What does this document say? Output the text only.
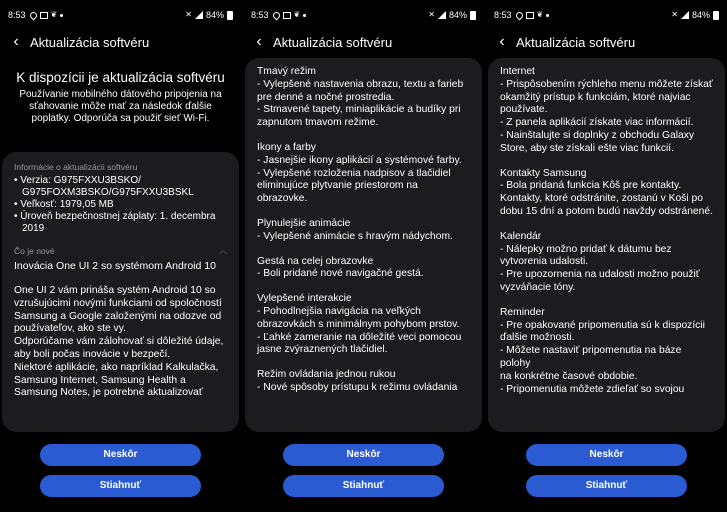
8:53	❦	✕ 84%
‹ Aktualizácia softvéru
K dispozícii je aktualizácia softvéru

Používanie mobilného dátového pripojenia na sťahovanie môže mať za následok ďalšie poplatky. Odporúča sa použiť sieť Wi-Fi.

Informácie o aktualizácii softvéru
• Verzia: G975FXXU3BSKO/
G975FOXM3BSKO/G975FXXU3BSKL
• Veľkosť: 1979,05 MB
• Úroveň bezpečnostnej záplaty: 1. decembra
2019
Čo je nové	︿
Inovácia One UI 2 so systémom Android 10
One UI 2 vám prináša systém Android 10 so
vzrušujúcimi novými funkciami od spoločností
Samsung a Google založenými na odozve od
používateľov, ako ste vy.
Odporúčame vám zálohovať si dôležité údaje,
aby boli počas inovácie v bezpečí.
Niektoré aplikácie, ako napríklad Kalkulačka,
Samsung Internet, Samsung Health a
Samsung Notes, je potrebné aktualizovať
Neskôr
Stiahnuť
8:53	❦	✕ 84%
‹ Aktualizácia softvéru
Tmavý režim
- Vylepšené nastavenia obrazu, textu a farieb
pre denné a nočné prostredia.
- Stmavené tapety, miniaplikácie a budíky pri
zapnutom tmavom režime.
Ikony a farby
- Jasnejšie ikony aplikácií a systémové farby.
- Vylepšené rozloženia nadpisov a tlačidiel
eliminujúce plytvanie priestorom na obrazovke.
Plynulejšie animácie
- Vylepšené animácie s hravým nádychom.
Gestá na celej obrazovke
- Boli pridané nové navigačné gestá.
Vylepšené interakcie
- Pohodlnejšia navigácia na veľkých
obrazovkách s minimálnym pohybom prstov.
- Ľahké zameranie na dôležité veci pomocou
jasne zvýraznených tlačidiel.
Režim ovládania jednou rukou
- Nové spôsoby prístupu k režimu ovládania
Neskôr
Stiahnuť
8:53	❦	✕ 84%
‹ Aktualizácia softvéru
Internet
- Prispôsobením rýchleho menu môžete získať
okamžitý prístup k funkciám, ktoré najviac
používate.
- Z panela aplikácií získate viac informácií.
- Nainštalujte si doplnky z obchodu Galaxy
Store, aby ste získali ešte viac funkcií.
Kontakty Samsung
- Bola pridaná funkcia Kôš pre kontakty.
Kontakty, ktoré odstránite, zostanú v Koši po
dobu 15 dní a potom budú navždy odstránené.
Kalendár
- Nálepky možno pridať k dátumu bez
vytvorenia udalosti.
- Pre upozornenia na udalosti možno použiť
vyzváňacie tóny.
Reminder
- Pre opakované pripomenutia sú k dispozícii
ďalšie možnosti.
- Môžete nastaviť pripomenutia na báze polohy
na konkrétne časové obdobie.
- Pripomenutia môžete zdieľať so svojou
Neskôr
Stiahnuť
